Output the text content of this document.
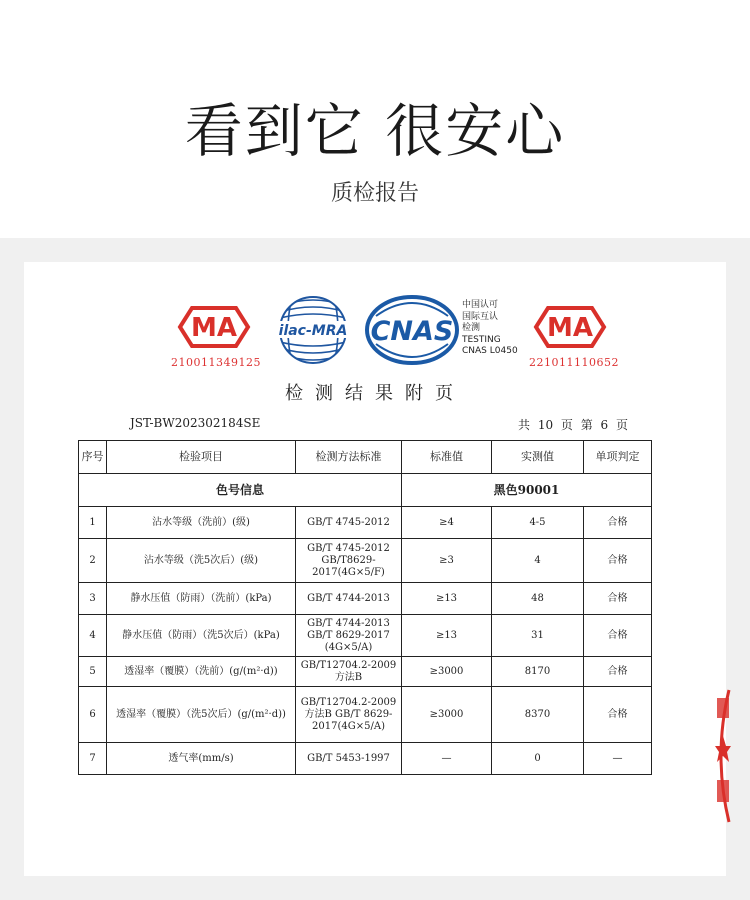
看到它 很安心
质检报告
MA
210011349125
ilac-MRA CNAS
中国认可
国际互认
检测
TESTING
CNAS L0450
MA
221011110652
检测结果附页
JST-BW202302184SE	共 10 页 第 6 页
序号	检验项目	检测方法标准	标准值	实测值	单项判定
色号信息			黑色90001		
1	沾水等级（洗前）(级)	GB/T 4745-2012	≥4	4-5	合格
2	沾水等级（洗5次后）(级)	GB/T 4745-2012 GB/T8629-2017(4G×5/F)	≥3	4	合格
3	静水压值（防雨）（洗前）(kPa)	GB/T 4744-2013	≥13	48	合格
4	静水压值（防雨）（洗5次后）(kPa)	GB/T 4744-2013 GB/T 8629-2017 (4G×5/A)	≥13	31	合格
5	透湿率（覆膜）（洗前）(g/(m²·d))	GB/T12704.2-2009 方法B	≥3000	8170	合格
6	透湿率（覆膜）（洗5次后）(g/(m²·d))	GB/T12704.2-2009 方法B GB/T 8629-2017(4G×5/A)	≥3000	8370	合格
7	透气率(mm/s)	GB/T 5453-1997	—	0	—
